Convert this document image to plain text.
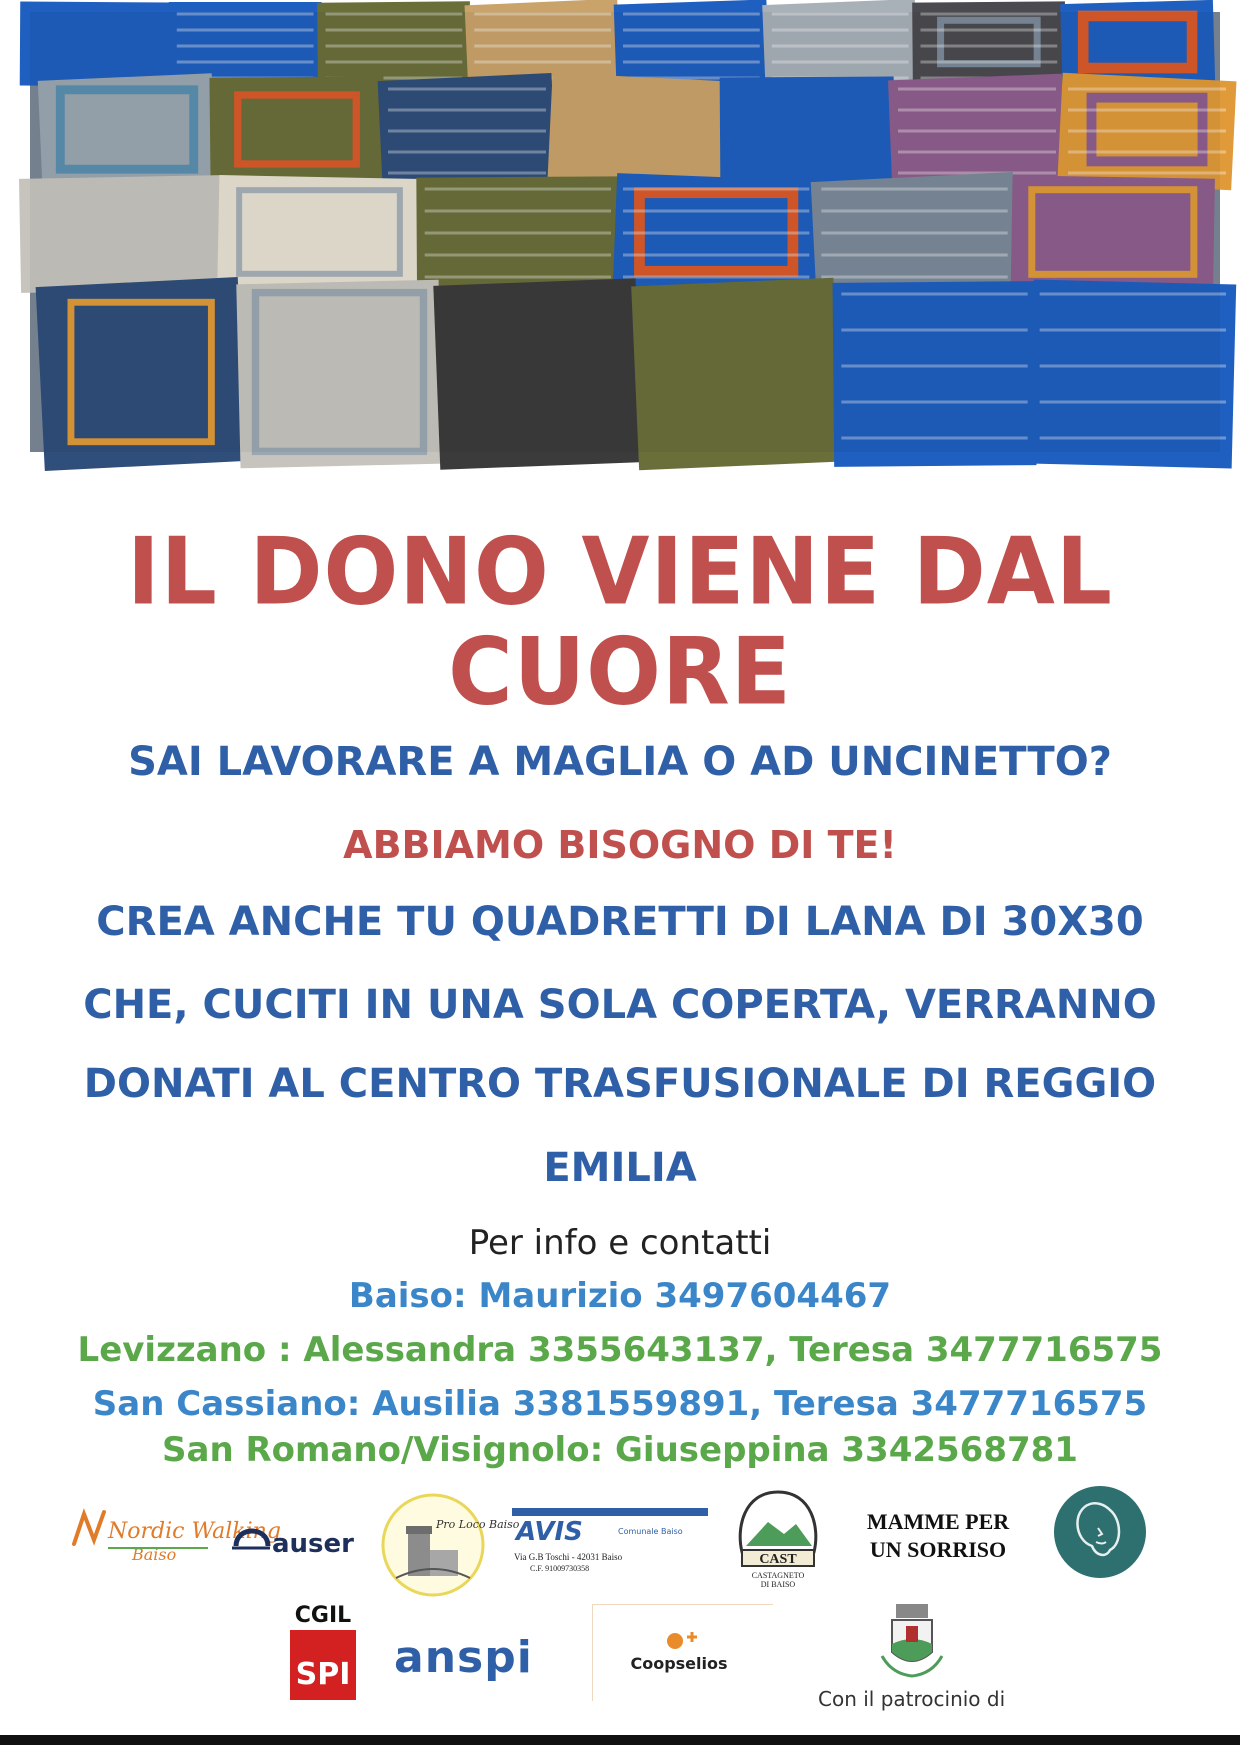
IL DONO VIENE DAL
CUORE

SAI LAVORARE A MAGLIA O AD UNCINETTO?

ABBIAMO BISOGNO DI TE!

CREA ANCHE TU QUADRETTI DI LANA DI 30X30

CHE, CUCITI IN UNA SOLA COPERTA, VERRANNO

DONATI AL CENTRO TRASFUSIONALE DI REGGIO

EMILIA

Per info e contatti

Baiso: Maurizio 3497604467

Levizzano : Alessandra 3355643137, Teresa 3477716575

San Cassiano: Ausilia 3381559891, Teresa 3477716575

San Romano/Visignolo: Giuseppina 3342568781

Nordic Walking
Baiso	auser
Pro Loco Baiso
AVIS	Comunale Baiso
Via G.B Toschi - 42031 Baiso
C.F. 91009730358
CAST
CASTAGNETO
DI BAISO
MAMME PER
UN SORRISO
CGIL
SPI anspi	Coopselios
Con il patrocinio di
